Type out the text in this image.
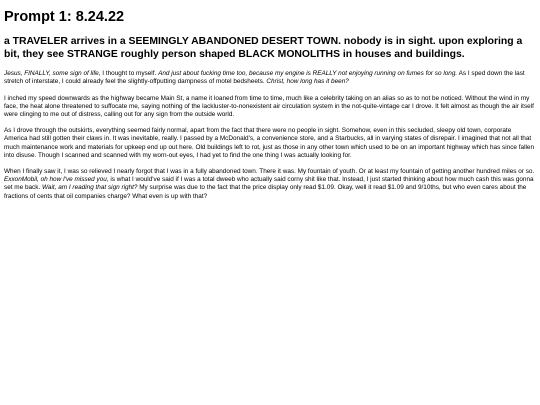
Prompt 1: 8.24.22

a TRAVELER arrives in a SEEMINGLY ABANDONED DESERT TOWN. nobody is in sight. upon exploring a bit, they see STRANGE roughly person shaped BLACK MONOLITHS in houses and buildings.

Jesus, FINALLY, some sign of life, I thought to myself. And just about fucking time too, because my engine is REALLY not enjoying running on fumes for so long. As I sped down the last stretch of interstate, I could already feel the slightly-offputting dampness of motel bedsheets. Christ, how long has it been?

I inched my speed downwards as the highway became Main St, a name it loaned from time to time, much like a celebrity taking on an alias so as to not be noticed. Without the wind in my face, the heat alone threatened to suffocate me, saying nothing of the lackluster-to-nonexistent air circulation system in the not-quite-vintage car I drove. It felt almost as though the air itself were clinging to me out of distress, calling out for any sign from the outside world.

As I drove through the outskirts, everything seemed fairly normal, apart from the fact that there were no people in sight. Somehow, even in this secluded, sleepy old town, corporate America had still gotten their claws in. It was inevitable, really. I passed by a McDonald's, a convenience store, and a Starbucks, all in varying states of disrepair. I imagined that not all that much maintenance work and materials for upkeep end up out here. Old buildings left to rot, just as those in any other town which used to be on an important highway which has since fallen into disuse. Though I scanned and scanned with my worn-out eyes, I had yet to find the one thing I was actually looking for.

When I finally saw it, I was so relieved I nearly forgot that I was in a fully abandoned town. There it was. My fountain of youth. Or at least my fountain of getting another hundred miles or so. ExxonMobil, oh how I've missed you, is what I would've said if I was a total dweeb who actually said corny shit like that. Instead, I just started thinking about how much cash this was gonna set me back. Wait, am I reading that sign right? My surprise was due to the fact that the price display only read $1.09. Okay, well it read $1.09 and 9/10ths, but who even cares about the fractions of cents that oil companies charge? What even is up with that?
